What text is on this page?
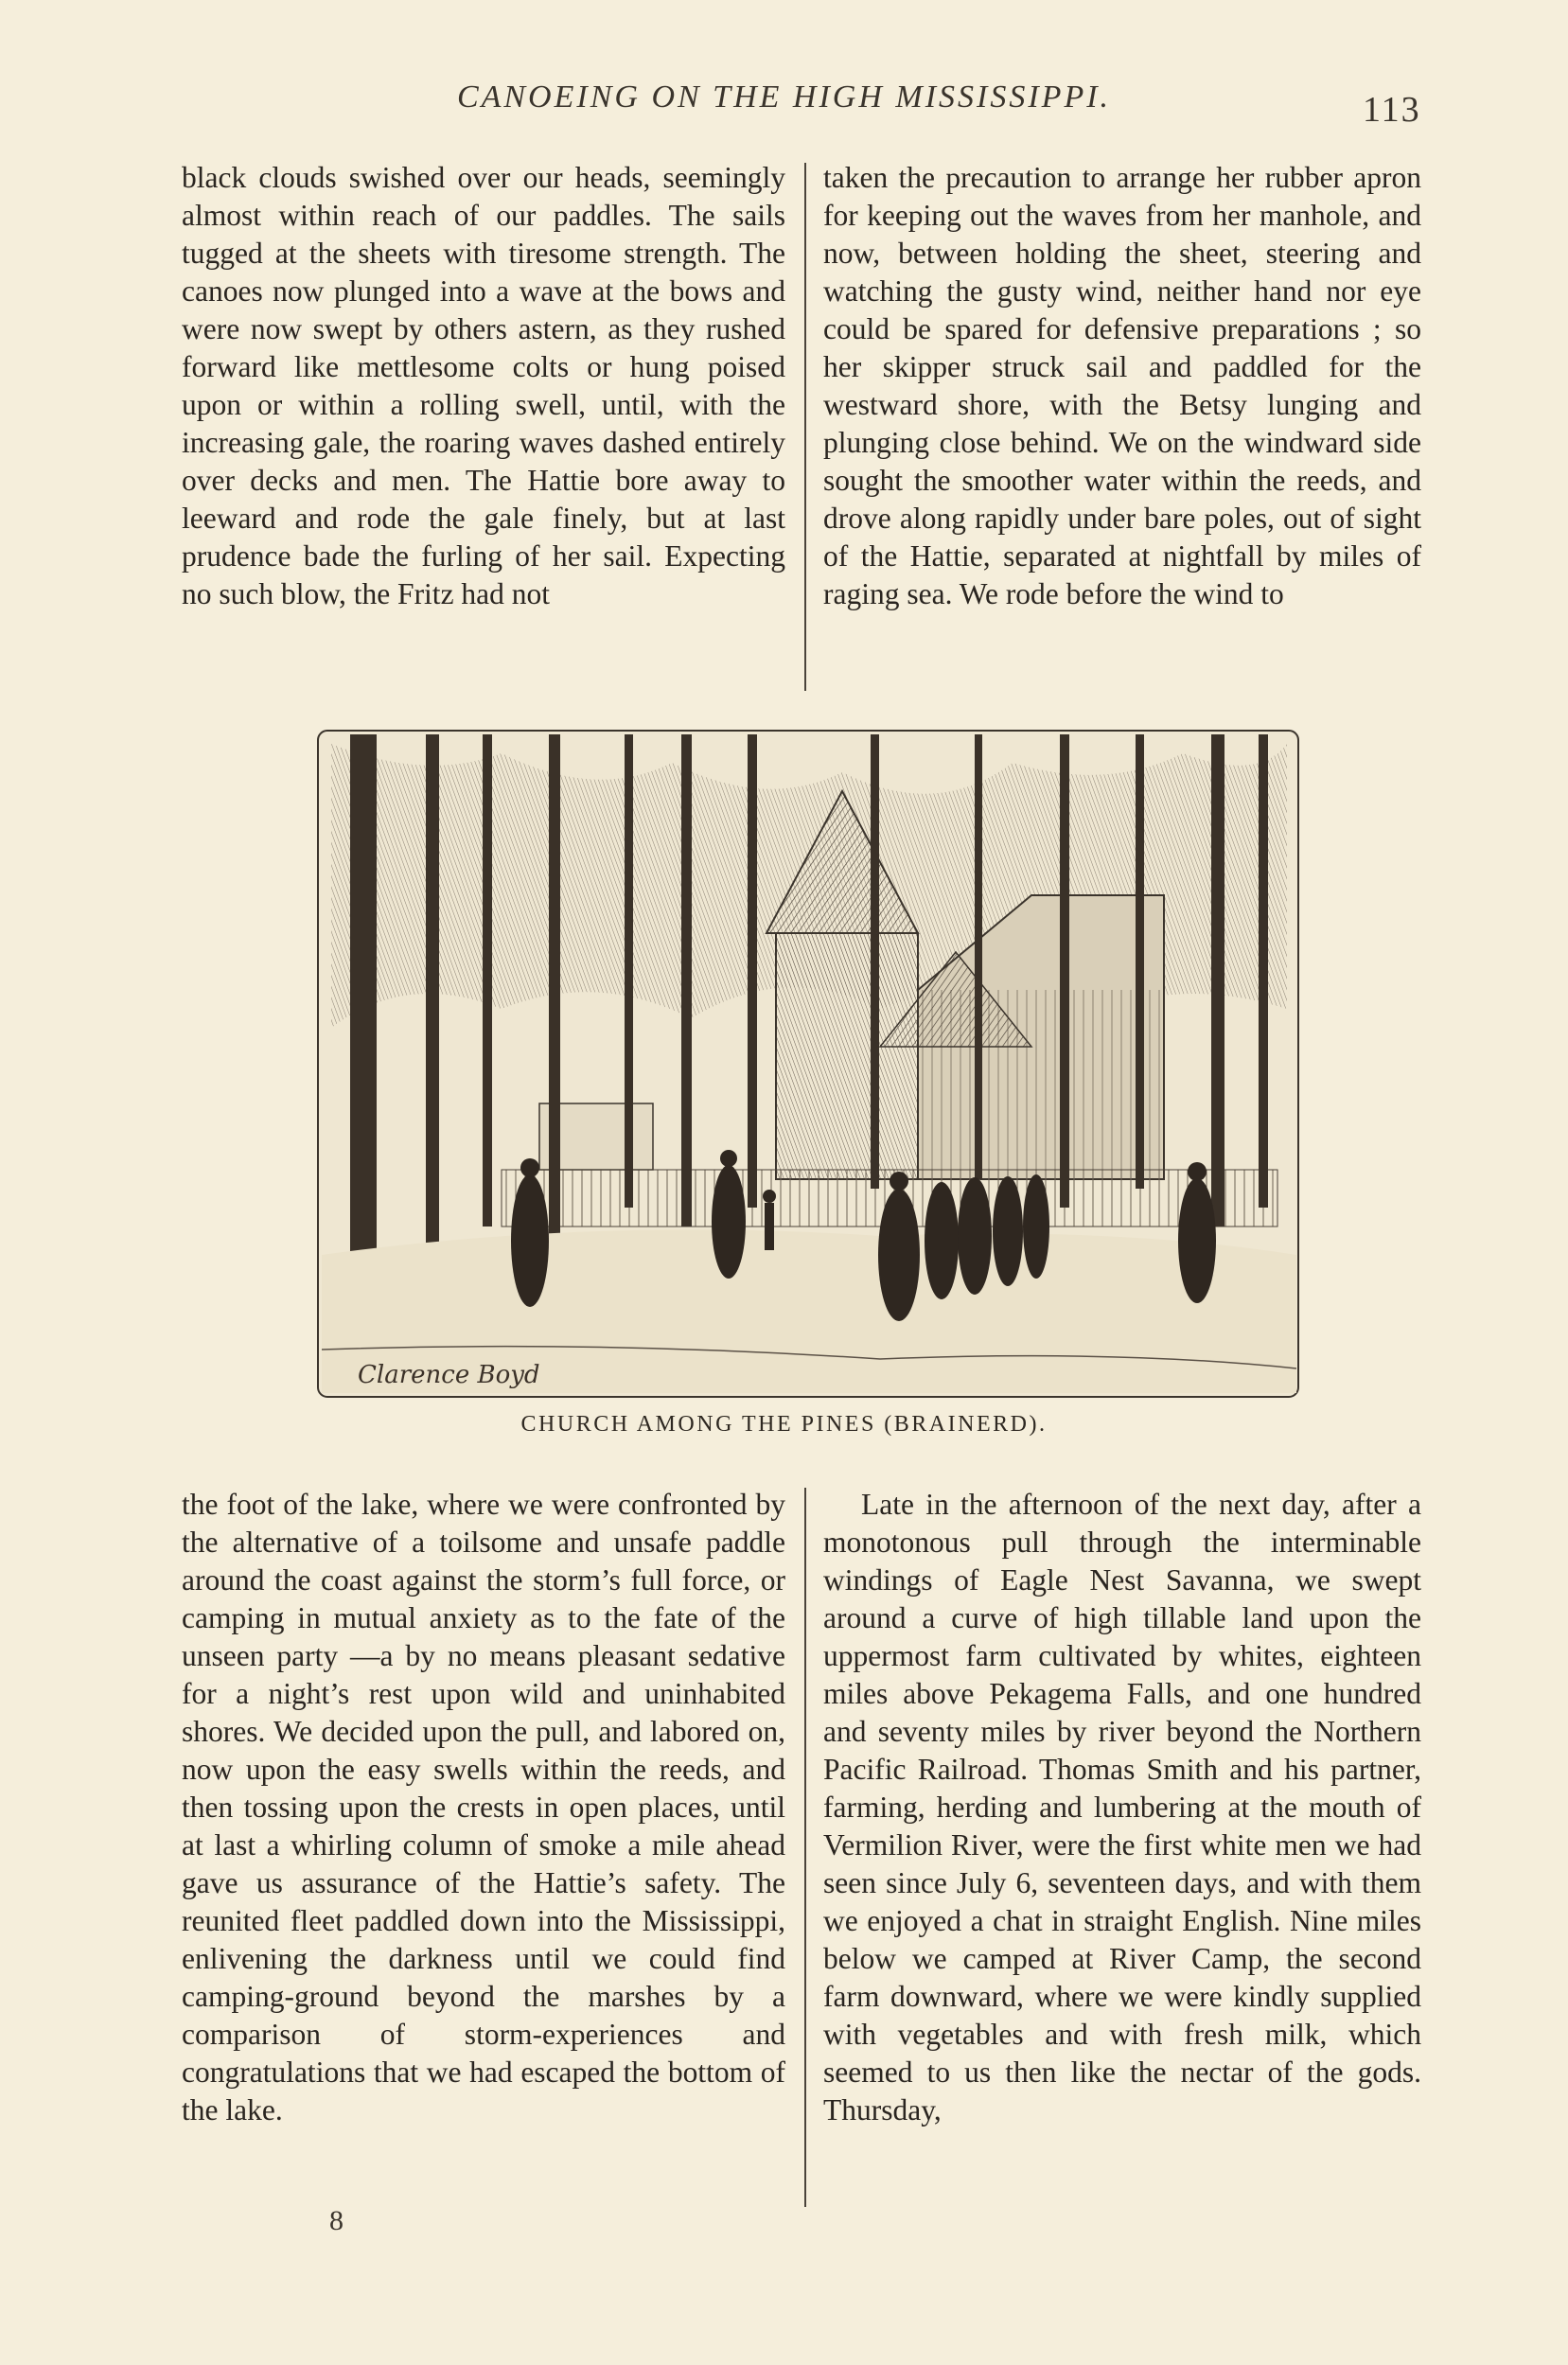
CANOEING ON THE HIGH MISSISSIPPI.	113

black clouds swished over our heads, seemingly almost within reach of our paddles. The sails tugged at the sheets with tiresome strength. The canoes now plunged into a wave at the bows and were now swept by others astern, as they rushed forward like mettlesome colts or hung poised upon or within a rolling swell, until, with the increasing gale, the roaring waves dashed entirely over decks and men. The Hattie bore away to leeward and rode the gale finely, but at last prudence bade the furling of her sail. Expecting no such blow, the Fritz had not

taken the precaution to arrange her rubber apron for keeping out the waves from her manhole, and now, between holding the sheet, steering and watching the gusty wind, neither hand nor eye could be spared for defensive preparations ; so her skipper struck sail and paddled for the westward shore, with the Betsy lunging and plunging close behind. We on the windward side sought the smoother water within the reeds, and drove along rapidly under bare poles, out of sight of the Hattie, separated at nightfall by miles of raging sea. We rode before the wind to

Clarence Boyd
CHURCH AMONG THE PINES (BRAINERD).

the foot of the lake, where we were confronted by the alternative of a toilsome and unsafe paddle around the coast against the storm’s full force, or camping in mutual anxiety as to the fate of the unseen party —a by no means pleasant sedative for a night’s rest upon wild and uninhabited shores. We decided upon the pull, and labored on, now upon the easy swells within the reeds, and then tossing upon the crests in open places, until at last a whirling column of smoke a mile ahead gave us assurance of the Hattie’s safety. The reunited fleet paddled down into the Mississippi, enlivening the darkness until we could find camping-ground beyond the marshes by a comparison of storm-experiences and congratulations that we had escaped the bottom of the lake.

Late in the afternoon of the next day, after a monotonous pull through the interminable windings of Eagle Nest Savanna, we swept around a curve of high tillable land upon the uppermost farm cultivated by whites, eighteen miles above Pekagema Falls, and one hundred and seventy miles by river beyond the Northern Pacific Railroad. Thomas Smith and his partner, farming, herding and lumbering at the mouth of Vermilion River, were the first white men we had seen since July 6, seventeen days, and with them we enjoyed a chat in straight English. Nine miles below we camped at River Camp, the second farm downward, where we were kindly supplied with vegetables and with fresh milk, which seemed to us then like the nectar of the gods. Thursday,

8
